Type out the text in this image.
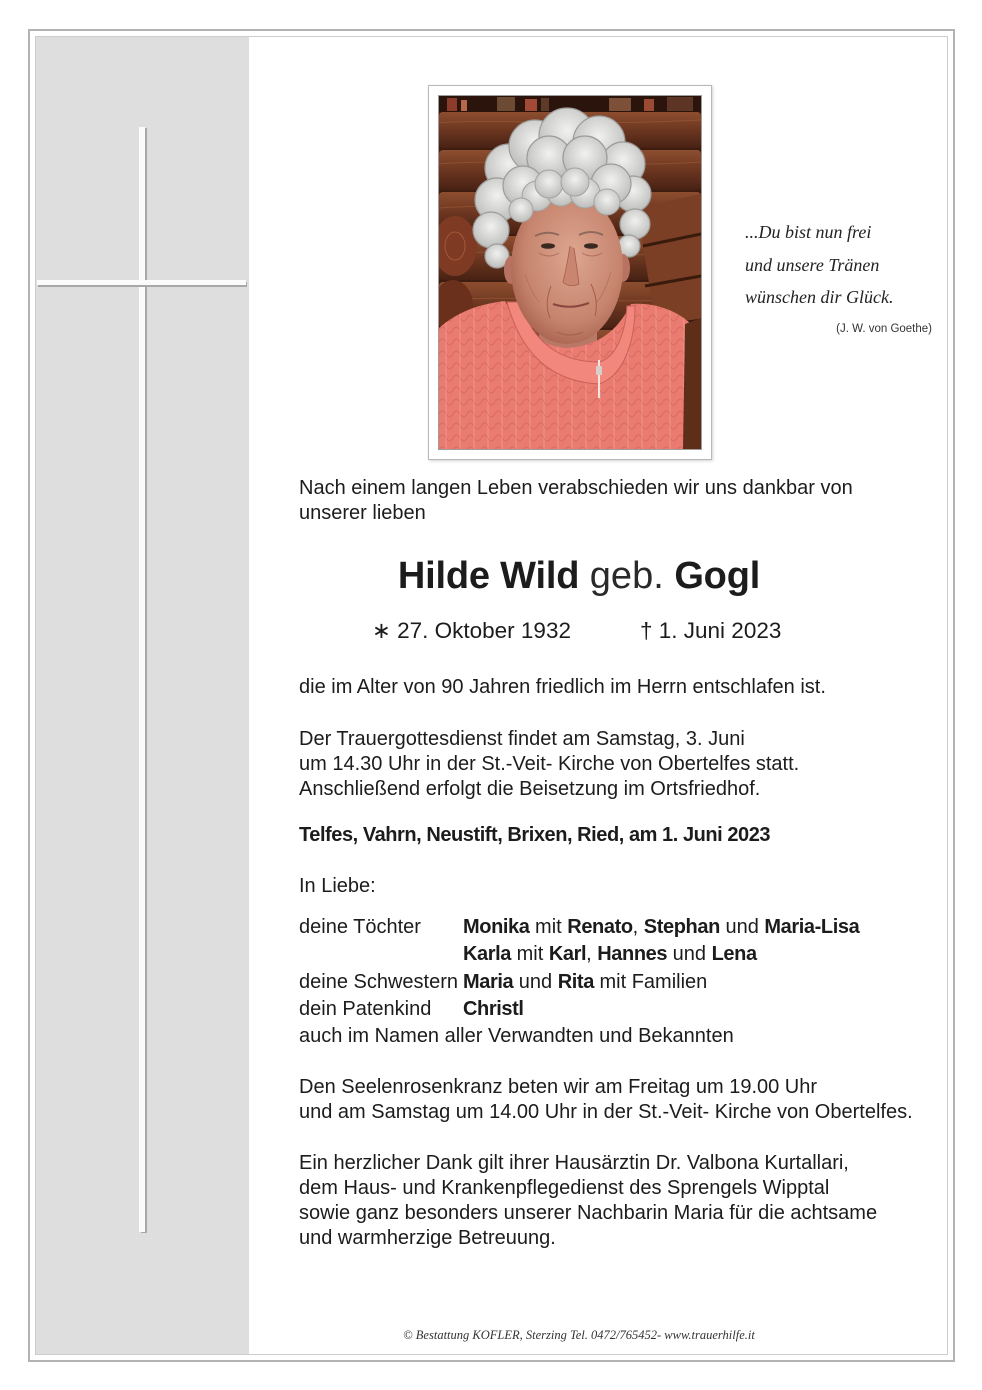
...Du bist nun frei
und unsere Tränen
wünschen dir Glück.
(J. W. von Goethe)
Nach einem langen Leben verabschieden wir uns dankbar von
unserer lieben
Hilde Wild geb. Gogl
∗ 27. Oktober 1932	† 1. Juni 2023
die im Alter von 90 Jahren friedlich im Herrn entschlafen ist.
Der Trauergottesdienst findet am Samstag, 3. Juni
um 14.30 Uhr in der St.-Veit- Kirche von Obertelfes statt.
Anschließend erfolgt die Beisetzung im Ortsfriedhof.
Telfes, Vahrn, Neustift, Brixen, Ried, am 1. Juni 2023
In Liebe:
deine Töchter Monika mit Renato, Stephan und Maria-Lisa
Karla mit Karl, Hannes und Lena
deine Schwestern Maria und Rita mit Familien
dein Patenkind Christl
auch im Namen aller Verwandten und Bekannten
Den Seelenrosenkranz beten wir am Freitag um 19.00 Uhr
und am Samstag um 14.00 Uhr in der St.-Veit- Kirche von Obertelfes.
Ein herzlicher Dank gilt ihrer Hausärztin Dr. Valbona Kurtallari,
dem Haus- und Krankenpflegedienst des Sprengels Wipptal
sowie ganz besonders unserer Nachbarin Maria für die achtsame
und warmherzige Betreuung.
© Bestattung KOFLER, Sterzing Tel. 0472/765452- www.trauerhilfe.it
